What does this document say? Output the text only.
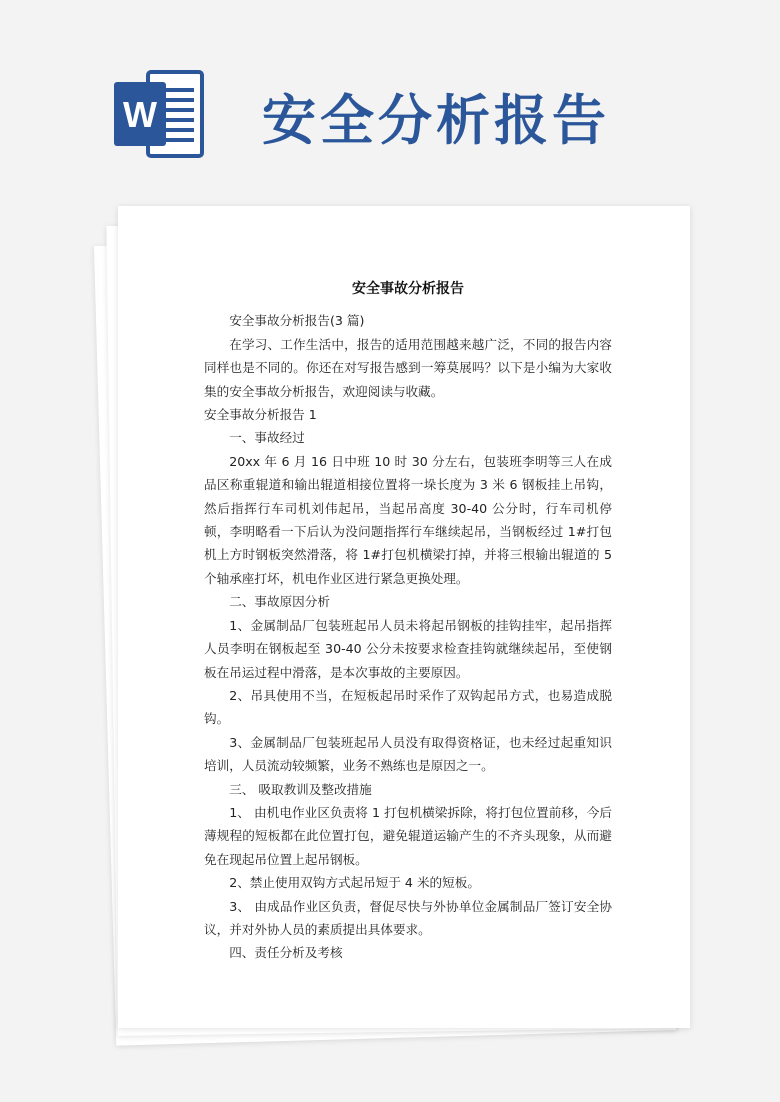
W 安全分析报告
安全事故分析报告

安全事故分析报告(3 篇)

在学习、工作生活中，报告的适用范围越来越广泛，不同的报告内容同样也是不同的。你还在对写报告感到一筹莫展吗？以下是小编为大家收集的安全事故分析报告，欢迎阅读与收藏。

安全事故分析报告 1

一、事故经过

20xx 年 6 月 16 日中班 10 时 30 分左右，包装班李明等三人在成品区称重辊道和输出辊道相接位置将一垛长度为 3 米 6 钢板挂上吊钩，然后指挥行车司机刘伟起吊，当起吊高度 30-40 公分时，行车司机停顿，李明略看一下后认为没问题指挥行车继续起吊，当钢板经过 1#打包机上方时钢板突然滑落，将 1#打包机横梁打掉，并将三根输出辊道的 5 个轴承座打坏，机电作业区进行紧急更换处理。

二、事故原因分析

1、金属制品厂包装班起吊人员未将起吊钢板的挂钩挂牢，起吊指挥人员李明在钢板起至 30-40 公分未按要求检查挂钩就继续起吊，至使钢板在吊运过程中滑落，是本次事故的主要原因。

2、吊具使用不当，在短板起吊时采作了双钩起吊方式，也易造成脱钩。

3、金属制品厂包装班起吊人员没有取得资格证，也未经过起重知识培训，人员流动较频繁，业务不熟练也是原因之一。

三、 吸取教训及整改措施

1、 由机电作业区负责将 1 打包机横梁拆除，将打包位置前移，今后薄规程的短板都在此位置打包，避免辊道运输产生的不齐头现象，从而避免在现起吊位置上起吊钢板。

2、禁止使用双钩方式起吊短于 4 米的短板。

3、 由成品作业区负责，督促尽快与外协单位金属制品厂签订安全协议，并对外协人员的素质提出具体要求。

四、责任分析及考核
